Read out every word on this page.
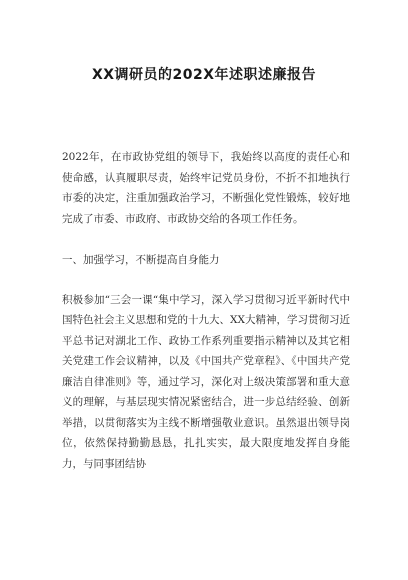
XX调研员的202X年述职述廉报告

2022年，在市政协党组的领导下，我始终以高度的责任心和使命感，认真履职尽责，始终牢记党员身份，不折不扣地执行市委的决定，注重加强政治学习，不断强化党性锻炼，较好地完成了市委、市政府、市政协交给的各项工作任务。

一、加强学习，不断提高自身能力

积极参加“三会一课“集中学习，深入学习贯彻习近平新时代中国特色社会主义思想和党的十九大、XX大精神，学习贯彻习近平总书记对湖北工作、政协工作系列重要指示精神以及其它相关党建工作会议精神，以及《中国共产党章程》、《中国共产党廉洁自律准则》等，通过学习，深化对上级决策部署和重大意义的理解，与基层现实情况紧密结合，进一步总结经验、创新举措，以贯彻落实为主线不断增强敬业意识。虽然退出领导岗位，依然保持勤勤恳恳，扎扎实实，最大限度地发挥自身能力，与同事团结协
